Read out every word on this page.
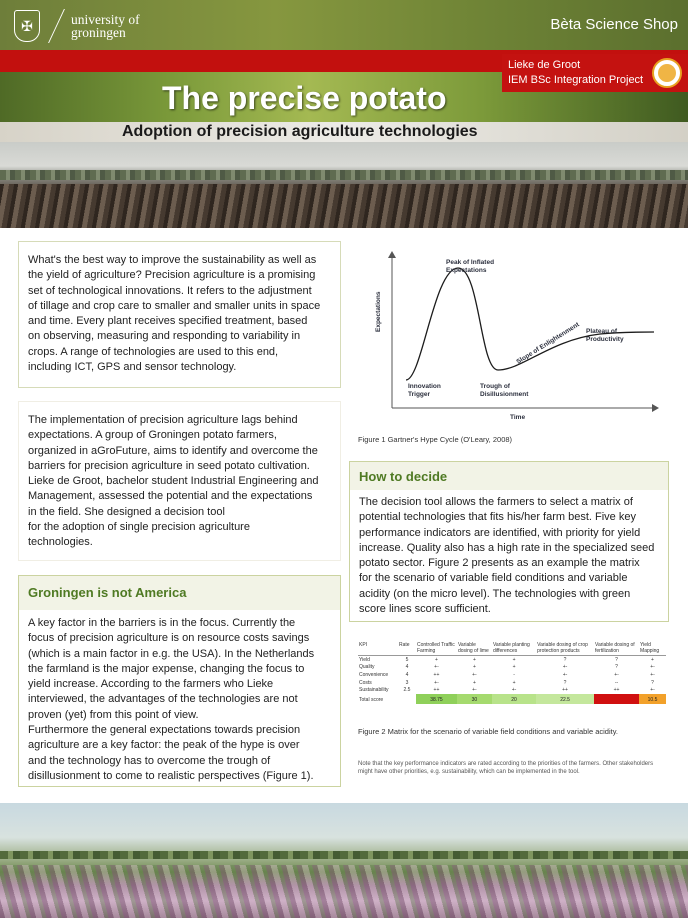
✠	university of
groningen	Bèta Science Shop
Lieke de Groot
IEM BSc Integration Project
The precise potato
Adoption of precision agriculture technologies
What's the best way to improve the sustainability as well as
the yield of agriculture? Precision agriculture is a promising
set of technological innovations. It refers to the adjustment
of tillage and crop care to smaller and smaller units in space
and time. Every plant receives specified treatment, based
on observing, measuring and responding to variability in
crops. A range of technologies are used to this end,
including ICT, GPS and sensor technology.
The implementation of precision agriculture lags behind
expectations. A group of Groningen potato farmers,
organized in aGroFuture, aims to identify and overcome the
barriers for precision agriculture in seed potato cultivation.
Lieke de Groot, bachelor student Industrial Engineering and
Management, assessed the potential and the expectations
in the field. She designed a decision tool
for the adoption of single precision agriculture
technologies.
Groningen is not America
A key factor in the barriers is in the focus. Currently the
focus of precision agriculture is on resource costs savings
(which is a main factor in e.g. the USA). In the Netherlands
the farmland is the major expense, changing the focus to
yield increase. According to the farmers who Lieke
interviewed, the advantages of the technologies are not
proven (yet) from this point of view.
Furthermore the general expectations towards precision
agriculture are a key factor: the peak of the hype is over
and the technology has to overcome the trough of
disillusionment to come to realistic perspectives (Figure 1).
Expectations
Time
Peak of Inflated
Expectations
Innovation
Trigger
Trough of
Disillusionment
Slope of Enlightenment Plateau of
Productivity
Figure 1 Gartner's Hype Cycle (O'Leary, 2008)
How to decide
The decision tool allows the farmers to select a matrix of
potential technologies that fits his/her farm best. Five key
performance indicators are identified, with priority for yield
increase. Quality also has a high rate in the specialized seed
potato sector. Figure 2 presents as an example the matrix
for the scenario of variable field conditions and variable
acidity (on the micro level). The technologies with green
score lines score sufficient.
KPI	Rate	Controlled Traffic Farming	Variable dosing of lime	Variable planting differences	Variable dosing of crop protection products	Variable dosing of fertilization	Yield Mapping
Yield	5	+	+	+	?	?	+
Quality	4	+-	+	+	+-	?	+-
Convenience	4	++	+-	-	+-	+-	+-
Costs	3	+-	+	+	?	--	?
Sustainability	2.5	++	+-	+-	++	++	+-
Total score		38.75	30	20	22.5		10.5
Figure 2 Matrix for the scenario of variable field conditions and variable acidity.
Note that the key performance indicators are rated according to the priorities of the farmers. Other stakeholders
might have other priorities, e.g. sustainability, which can be implemented in the tool.
